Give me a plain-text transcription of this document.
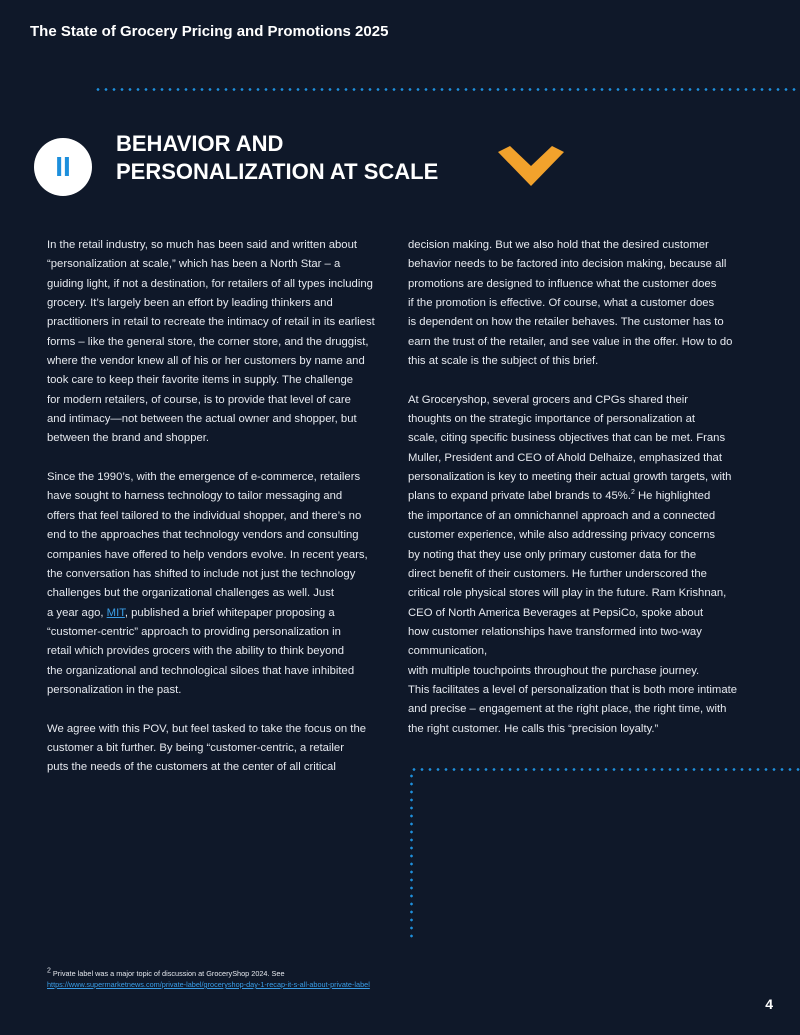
The State of Grocery Pricing and Promotions 2025
II
BEHAVIOR AND
PERSONALIZATION AT SCALE

In the retail industry, so much has been said and written about
“personalization at scale,” which has been a North Star – a
guiding light, if not a destination, for retailers of all types including
grocery. It’s largely been an effort by leading thinkers and
practitioners in retail to recreate the intimacy of retail in its earliest
forms – like the general store, the corner store, and the druggist,
where the vendor knew all of his or her customers by name and
took care to keep their favorite items in supply. The challenge
for modern retailers, of course, is to provide that level of care
and intimacy—not between the actual owner and shopper, but
between the brand and shopper.

Since the 1990’s, with the emergence of e-commerce, retailers
have sought to harness technology to tailor messaging and
offers that feel tailored to the individual shopper, and there’s no
end to the approaches that technology vendors and consulting
companies have offered to help vendors evolve. In recent years,
the conversation has shifted to include not just the technology
challenges but the organizational challenges as well. Just
a year ago, MIT, published a brief whitepaper proposing a
“customer-centric” approach to providing personalization in
retail which provides grocers with the ability to think beyond
the organizational and technological siloes that have inhibited
personalization in the past.

We agree with this POV, but feel tasked to take the focus on the
customer a bit further. By being “customer-centric, a retailer
puts the needs of the customers at the center of all critical

decision making. But we also hold that the desired customer
behavior needs to be factored into decision making, because all
promotions are designed to influence what the customer does
if the promotion is effective. Of course, what a customer does
is dependent on how the retailer behaves. The customer has to
earn the trust of the retailer, and see value in the offer. How to do
this at scale is the subject of this brief.

At Groceryshop, several grocers and CPGs shared their
thoughts on the strategic importance of personalization at
scale, citing specific business objectives that can be met. Frans
Muller, President and CEO of Ahold Delhaize, emphasized that
personalization is key to meeting their actual growth targets, with
plans to expand private label brands to 45%.$^2$ He highlighted
the importance of an omnichannel approach and a connected
customer experience, while also addressing privacy concerns
by noting that they use only primary customer data for the
direct benefit of their customers. He further underscored the
critical role physical stores will play in the future. Ram Krishnan,
CEO of North America Beverages at PepsiCo, spoke about
how customer relationships have transformed into two-way
communication,
with multiple touchpoints throughout the purchase journey.
This facilitates a level of personalization that is both more intimate
and precise – engagement at the right place, the right time, with
the right customer. He calls this “precision loyalty.”

$^2$ Private label was a major topic of discussion at GroceryShop 2024. See
https://www.supermarketnews.com/private-label/groceryshop-day-1-recap-it-s-all-about-private-label
4
